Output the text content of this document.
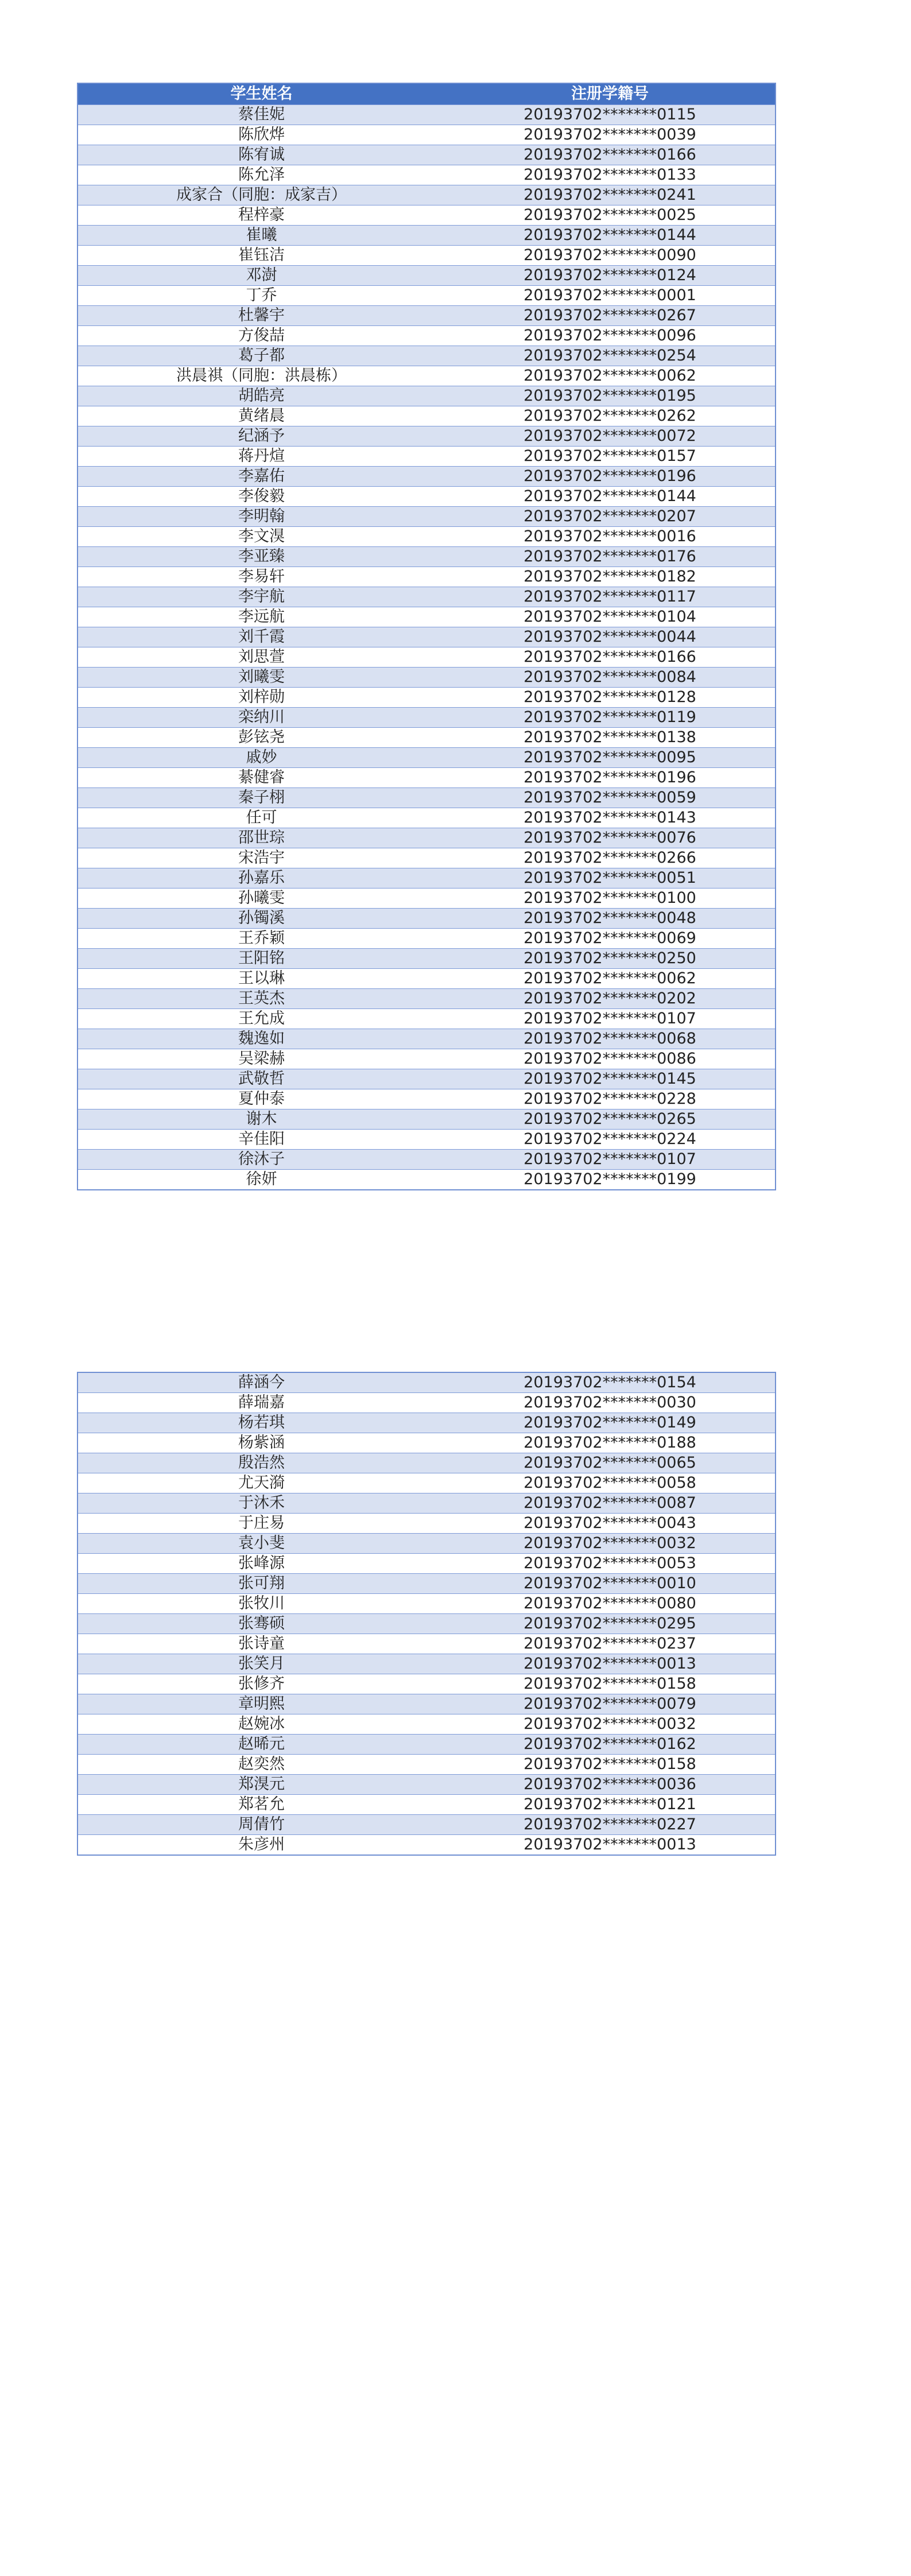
学生姓名	注册学籍号
蔡佳妮	20193702*******0115
陈欣烨	20193702*******0039
陈宥诚	20193702*******0166
陈允泽	20193702*******0133
成家合（同胞：成家吉）	20193702*******0241
程梓豪	20193702*******0025
崔曦	20193702*******0144
崔钰洁	20193702*******0090
邓澍	20193702*******0124
丁乔	20193702*******0001
杜馨宇	20193702*******0267
方俊喆	20193702*******0096
葛子都	20193702*******0254
洪晨祺（同胞：洪晨栋）	20193702*******0062
胡皓亮	20193702*******0195
黄绪晨	20193702*******0262
纪涵予	20193702*******0072
蒋丹煊	20193702*******0157
李嘉佑	20193702*******0196
李俊毅	20193702*******0144
李明翰	20193702*******0207
李文湨	20193702*******0016
李亚臻	20193702*******0176
李易轩	20193702*******0182
李宇航	20193702*******0117
李远航	20193702*******0104
刘千霞	20193702*******0044
刘思萱	20193702*******0166
刘曦雯	20193702*******0084
刘梓勋	20193702*******0128
栾纳川	20193702*******0119
彭铉尧	20193702*******0138
戚妙	20193702*******0095
綦健睿	20193702*******0196
秦子栩	20193702*******0059
任可	20193702*******0143
邵世琮	20193702*******0076
宋浩宇	20193702*******0266
孙嘉乐	20193702*******0051
孙曦雯	20193702*******0100
孙镯溪	20193702*******0048
王乔颖	20193702*******0069
王阳铭	20193702*******0250
王以琳	20193702*******0062
王英杰	20193702*******0202
王允成	20193702*******0107
魏逸如	20193702*******0068
吴梁赫	20193702*******0086
武敬哲	20193702*******0145
夏仲泰	20193702*******0228
谢木	20193702*******0265
辛佳阳	20193702*******0224
徐沐子	20193702*******0107
徐妍	20193702*******0199
薛涵今	20193702*******0154
薛瑞嘉	20193702*******0030
杨若琪	20193702*******0149
杨紫涵	20193702*******0188
殷浩然	20193702*******0065
尤天漪	20193702*******0058
于沐禾	20193702*******0087
于庄易	20193702*******0043
袁小斐	20193702*******0032
张峰源	20193702*******0053
张可翔	20193702*******0010
张牧川	20193702*******0080
张骞硕	20193702*******0295
张诗童	20193702*******0237
张笑月	20193702*******0013
张修齐	20193702*******0158
章明熙	20193702*******0079
赵婉冰	20193702*******0032
赵晞元	20193702*******0162
赵奕然	20193702*******0158
郑湨元	20193702*******0036
郑茗允	20193702*******0121
周倩竹	20193702*******0227
朱彦州	20193702*******0013
